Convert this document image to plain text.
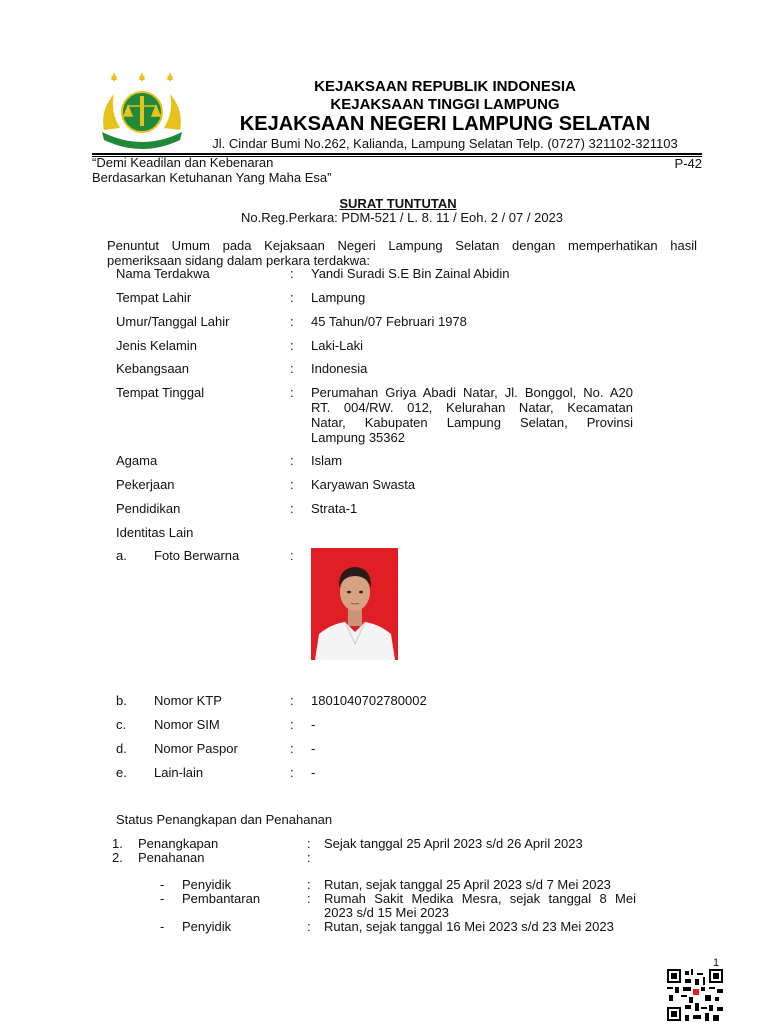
KEJAKSAAN REPUBLIK INDONESIA
KEJAKSAAN TINGGI LAMPUNG
KEJAKSAAN NEGERI LAMPUNG SELATAN
Jl. Cindar Bumi No.262, Kalianda, Lampung Selatan Telp. (0727) 321102-321103
“Demi Keadilan dan Kebenaran
Berdasarkan Ketuhanan Yang Maha Esa”
P-42
SURAT TUNTUTAN
No.Reg.Perkara: PDM-521 / L. 8. 11 / Eoh. 2 / 07 / 2023
Penuntut Umum pada Kejaksaan Negeri Lampung Selatan dengan memperhatikan hasil
pemeriksaan sidang dalam perkara terdakwa:
Nama Terdakwa	: Yandi Suradi S.E Bin Zainal Abidin
Tempat Lahir	: Lampung
Umur/Tanggal Lahir	: 45 Tahun/07 Februari 1978
Jenis Kelamin	: Laki-Laki
Kebangsaan	: Indonesia
Tempat Tinggal	: Perumahan Griya Abadi Natar, Jl. Bonggol, No. A20
RT. 004/RW. 012, Kelurahan Natar, Kecamatan
Natar, Kabupaten Lampung Selatan, Provinsi
Lampung 35362
Agama	: Islam
Pekerjaan	: Karyawan Swasta
Pendidikan	: Strata-1
Identitas Lain
a. Foto Berwarna	:
b. Nomor KTP	: 1801040702780002
c. Nomor SIM	: -
d. Nomor Paspor	: -
e. Lain-lain	: -
Status Penangkapan dan Penahanan
1. Penangkapan	: Sejak tanggal 25 April 2023 s/d 26 April 2023
2. Penahanan	:
- Penyidik	: Rutan, sejak tanggal 25 April 2023 s/d 7 Mei 2023
- Pembantaran	: Rumah Sakit Medika Mesra, sejak tanggal 8 Mei
2023 s/d 15 Mei 2023
- Penyidik	: Rutan, sejak tanggal 16 Mei 2023 s/d 23 Mei 2023
1
